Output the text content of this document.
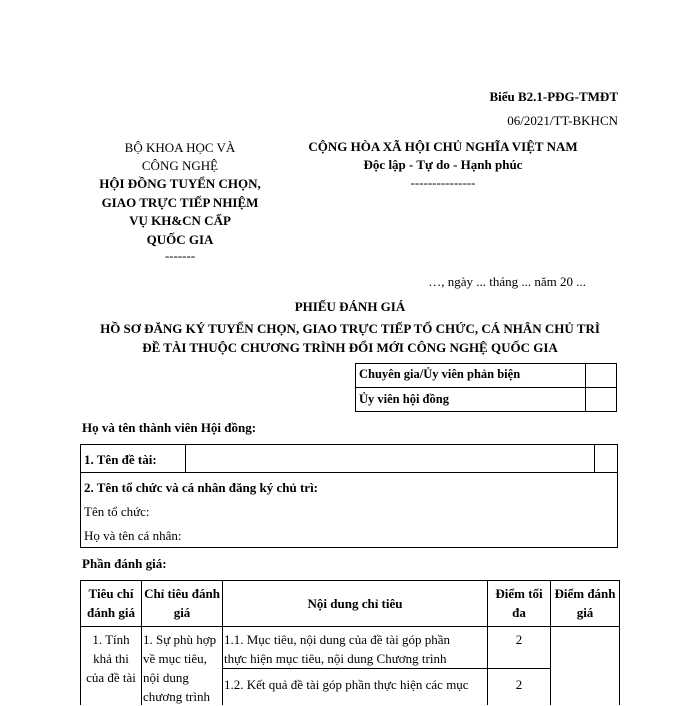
Biểu B2.1-PĐG-TMĐT
06/2021/TT-BKHCN
BỘ KHOA HỌC VÀ
CÔNG NGHỆ
HỘI ĐỒNG TUYỂN CHỌN,
GIAO TRỰC TIẾP NHIỆM
VỤ KH&CN CẤP
QUỐC GIA
-------
CỘNG HÒA XÃ HỘI CHỦ NGHĨA VIỆT NAM
Độc lập - Tự do - Hạnh phúc
---------------
…, ngày ... tháng ... năm 20 ...
PHIẾU ĐÁNH GIÁ
HỒ SƠ ĐĂNG KÝ TUYỂN CHỌN, GIAO TRỰC TIẾP TỔ CHỨC, CÁ NHÂN CHỦ TRÌ
ĐỀ TÀI THUỘC CHƯƠNG TRÌNH ĐỔI MỚI CÔNG NGHỆ QUỐC GIA
Chuyên gia/Ủy viên phản biện
Ủy viên hội đồng
Họ và tên thành viên Hội đồng:
1. Tên đề tài:
2. Tên tổ chức và cá nhân đăng ký chủ trì:
Tên tổ chức:
Họ và tên cá nhân:
Phần đánh giá:
Tiêu chí
đánh giá
Chỉ tiêu đánh
giá
Nội dung chỉ tiêu
Điểm tối
đa
Điểm đánh
giá
1. Tính
khả thi
của đề tài
1. Sự phù hợp
về mục tiêu,
nội dung
chương trình
1.1. Mục tiêu, nội dung của đề tài góp phần
thực hiện mục tiêu, nội dung Chương trình
2
1.2. Kết quả đề tài góp phần thực hiện các mục	2
